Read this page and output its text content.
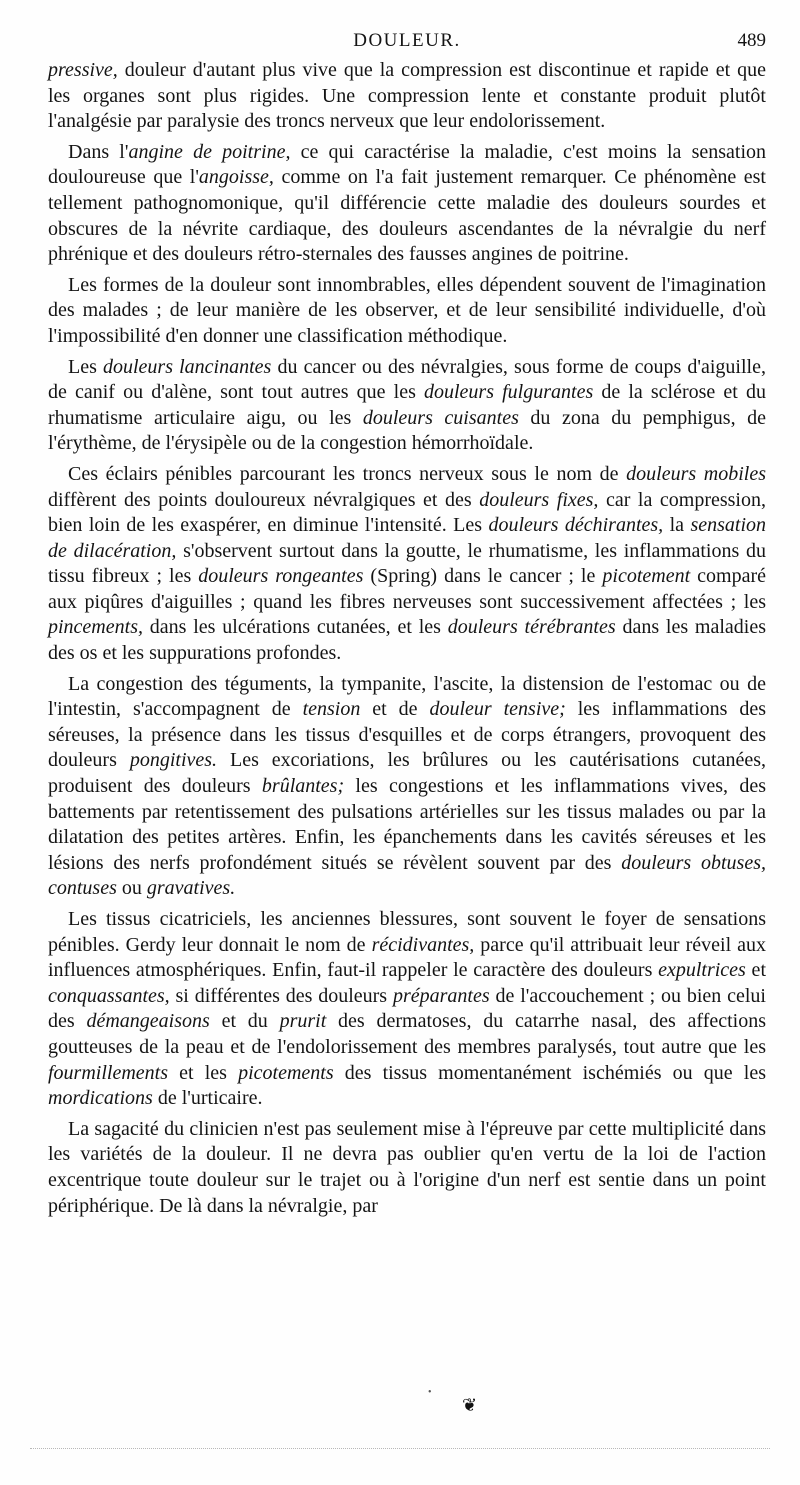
DOULEUR.	489

pressive, douleur d'autant plus vive que la compression est discontinue et rapide et que les organes sont plus rigides. Une compression lente et constante produit plutôt l'analgésie par paralysie des troncs nerveux que leur endolorissement.

Dans l'angine de poitrine, ce qui caractérise la maladie, c'est moins la sensation douloureuse que l'angoisse, comme on l'a fait justement remarquer. Ce phénomène est tellement pathognomonique, qu'il différencie cette maladie des douleurs sourdes et obscures de la névrite cardiaque, des douleurs ascendantes de la névralgie du nerf phrénique et des douleurs rétro-sternales des fausses angines de poitrine.

Les formes de la douleur sont innombrables, elles dépendent souvent de l'imagination des malades ; de leur manière de les observer, et de leur sensibilité individuelle, d'où l'impossibilité d'en donner une classification méthodique.

Les douleurs lancinantes du cancer ou des névralgies, sous forme de coups d'aiguille, de canif ou d'alène, sont tout autres que les douleurs fulgurantes de la sclérose et du rhumatisme articulaire aigu, ou les douleurs cuisantes du zona du pemphigus, de l'érythème, de l'érysipèle ou de la congestion hémorrhoïdale.

Ces éclairs pénibles parcourant les troncs nerveux sous le nom de douleurs mobiles diffèrent des points douloureux névralgiques et des douleurs fixes, car la compression, bien loin de les exaspérer, en diminue l'intensité. Les douleurs déchirantes, la sensation de dilacération, s'observent surtout dans la goutte, le rhumatisme, les inflammations du tissu fibreux ; les douleurs rongeantes (Spring) dans le cancer ; le picotement comparé aux piqûres d'aiguilles ; quand les fibres nerveuses sont successivement affectées ; les pincements, dans les ulcérations cutanées, et les douleurs térébrantes dans les maladies des os et les suppurations profondes.

La congestion des téguments, la tympanite, l'ascite, la distension de l'estomac ou de l'intestin, s'accompagnent de tension et de douleur tensive; les inflammations des séreuses, la présence dans les tissus d'esquilles et de corps étrangers, provoquent des douleurs pongitives. Les excoriations, les brûlures ou les cautérisations cutanées, produisent des douleurs brûlantes; les congestions et les inflammations vives, des battements par retentissement des pulsations artérielles sur les tissus malades ou par la dilatation des petites artères. Enfin, les épanchements dans les cavités séreuses et les lésions des nerfs profondément situés se révèlent souvent par des douleurs obtuses, contuses ou gravatives.

Les tissus cicatriciels, les anciennes blessures, sont souvent le foyer de sensations pénibles. Gerdy leur donnait le nom de récidivantes, parce qu'il attribuait leur réveil aux influences atmosphériques. Enfin, faut-il rappeler le caractère des douleurs expultrices et conquassantes, si différentes des douleurs préparantes de l'accouchement ; ou bien celui des démangeaisons et du prurit des dermatoses, du catarrhe nasal, des affections goutteuses de la peau et de l'endolorissement des membres paralysés, tout autre que les fourmillements et les picotements des tissus momentanément ischémiés ou que les mordications de l'urticaire.

La sagacité du clinicien n'est pas seulement mise à l'épreuve par cette multiplicité dans les variétés de la douleur. Il ne devra pas oublier qu'en vertu de la loi de l'action excentrique toute douleur sur le trajet ou à l'origine d'un nerf est sentie dans un point périphérique. De là dans la névralgie, par

•
❦
